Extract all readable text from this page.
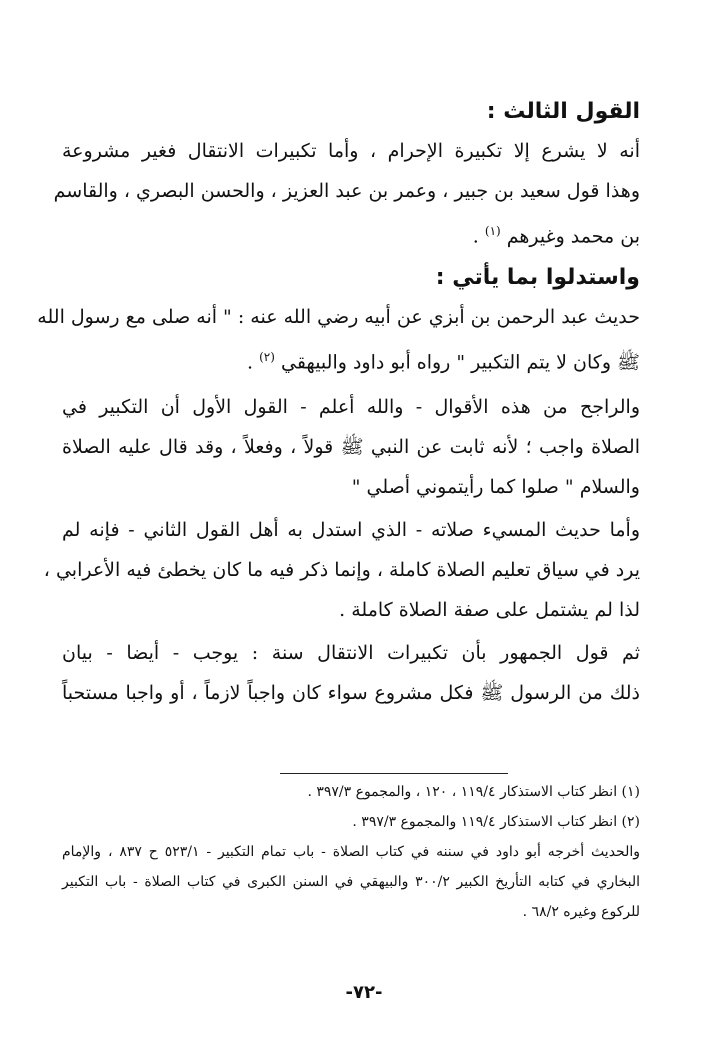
القول الثالث :
أنه لا يشرع إلا تكبيرة الإحرام ، وأما تكبيرات الانتقال فغير مشروعة
وهذا قول سعيد بن جبير ، وعمر بن عبد العزيز ، والحسن البصري ، والقاسم
بن محمد وغيرهم $^{(١)}$ .
واستدلوا بما يأتي :
حديث عبد الرحمن بن أبزي عن أبيه رضي الله عنه : " أنه صلى مع رسول الله
ﷺ وكان لا يتم التكبير " رواه أبو داود والبيهقي $^{(٢)}$ .
والراجح من هذه الأقوال - والله أعلم - القول الأول أن التكبير في
الصلاة واجب ؛ لأنه ثابت عن النبي ﷺ قولاً ، وفعلاً ، وقد قال عليه الصلاة
والسلام " صلوا كما رأيتموني أصلي "
وأما حديث المسيء صلاته - الذي استدل به أهل القول الثاني - فإنه لم
يرد في سياق تعليم الصلاة كاملة ، وإنما ذكر فيه ما كان يخطئ فيه الأعرابي ،
لذا لم يشتمل على صفة الصلاة كاملة .
ثم قول الجمهور بأن تكبيرات الانتقال سنة : يوجب - أيضا - بيان
ذلك من الرسول ﷺ فكل مشروع سواء كان واجباً لازماً ، أو واجبا مستحباً
(١) انظر كتاب الاستذكار ١١٩/٤ ، ١٢٠ ، والمجموع ٣٩٧/٣ .
(٢) انظر كتاب الاستذكار ١١٩/٤ والمجموع ٣٩٧/٣ .
والحديث أخرجه أبو داود في سننه في كتاب الصلاة - باب تمام التكبير - ٥٢٣/١ ح ٨٣٧ ، والإمام
البخاري في كتابه التأريخ الكبير ٣٠٠/٢ والبيهقي في السنن الكبرى في كتاب الصلاة - باب التكبير
للركوع وغيره ٦٨/٢ .
-٧٢-
